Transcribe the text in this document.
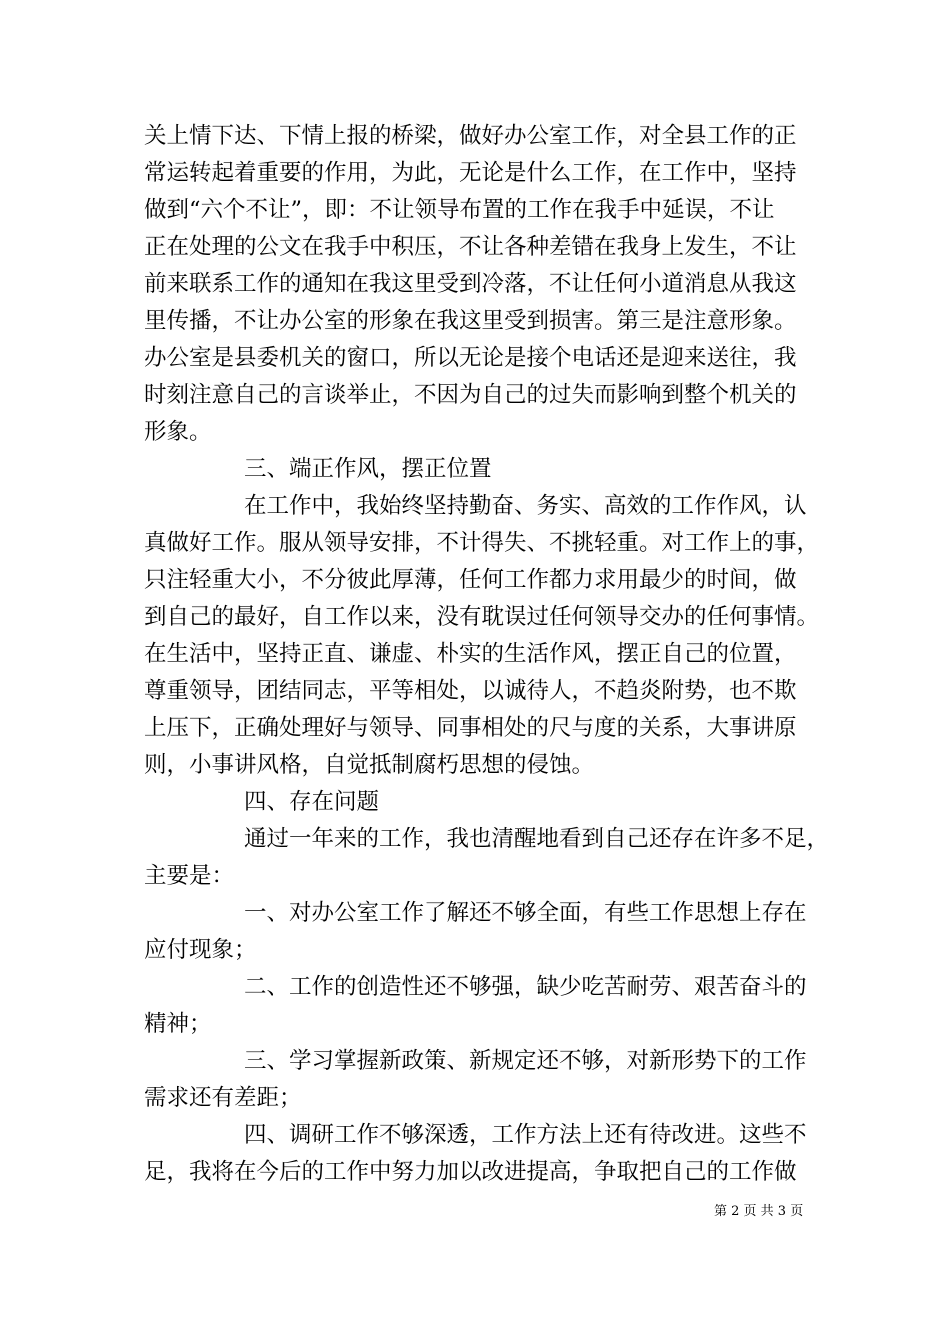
关上情下达、下情上报的桥梁，做好办公室工作，对全县工作的正
常运转起着重要的作用，为此，无论是什么工作，在工作中，坚持
做到“六个不让”，即：不让领导布置的工作在我手中延误，不让
正在处理的公文在我手中积压，不让各种差错在我身上发生，不让
前来联系工作的通知在我这里受到冷落，不让任何小道消息从我这
里传播，不让办公室的形象在我这里受到损害。第三是注意形象。
办公室是县委机关的窗口，所以无论是接个电话还是迎来送往，我
时刻注意自己的言谈举止，不因为自己的过失而影响到整个机关的
形象。
三、端正作风，摆正位置
在工作中，我始终坚持勤奋、务实、高效的工作作风，认
真做好工作。服从领导安排，不计得失、不挑轻重。对工作上的事，
只注轻重大小，不分彼此厚薄，任何工作都力求用最少的时间，做
到自己的最好，自工作以来，没有耽误过任何领导交办的任何事情。
在生活中，坚持正直、谦虚、朴实的生活作风，摆正自己的位置，
尊重领导，团结同志，平等相处，以诚待人，不趋炎附势，也不欺
上压下，正确处理好与领导、同事相处的尺与度的关系，大事讲原
则，小事讲风格，自觉抵制腐朽思想的侵蚀。
四、存在问题
通过一年来的工作，我也清醒地看到自己还存在许多不足，
主要是：
一、对办公室工作了解还不够全面，有些工作思想上存在
应付现象；
二、工作的创造性还不够强，缺少吃苦耐劳、艰苦奋斗的
精神；
三、学习掌握新政策、新规定还不够，对新形势下的工作
需求还有差距；
四、调研工作不够深透，工作方法上还有待改进。这些不
足，我将在今后的工作中努力加以改进提高，争取把自己的工作做
第 2 页 共 3 页
